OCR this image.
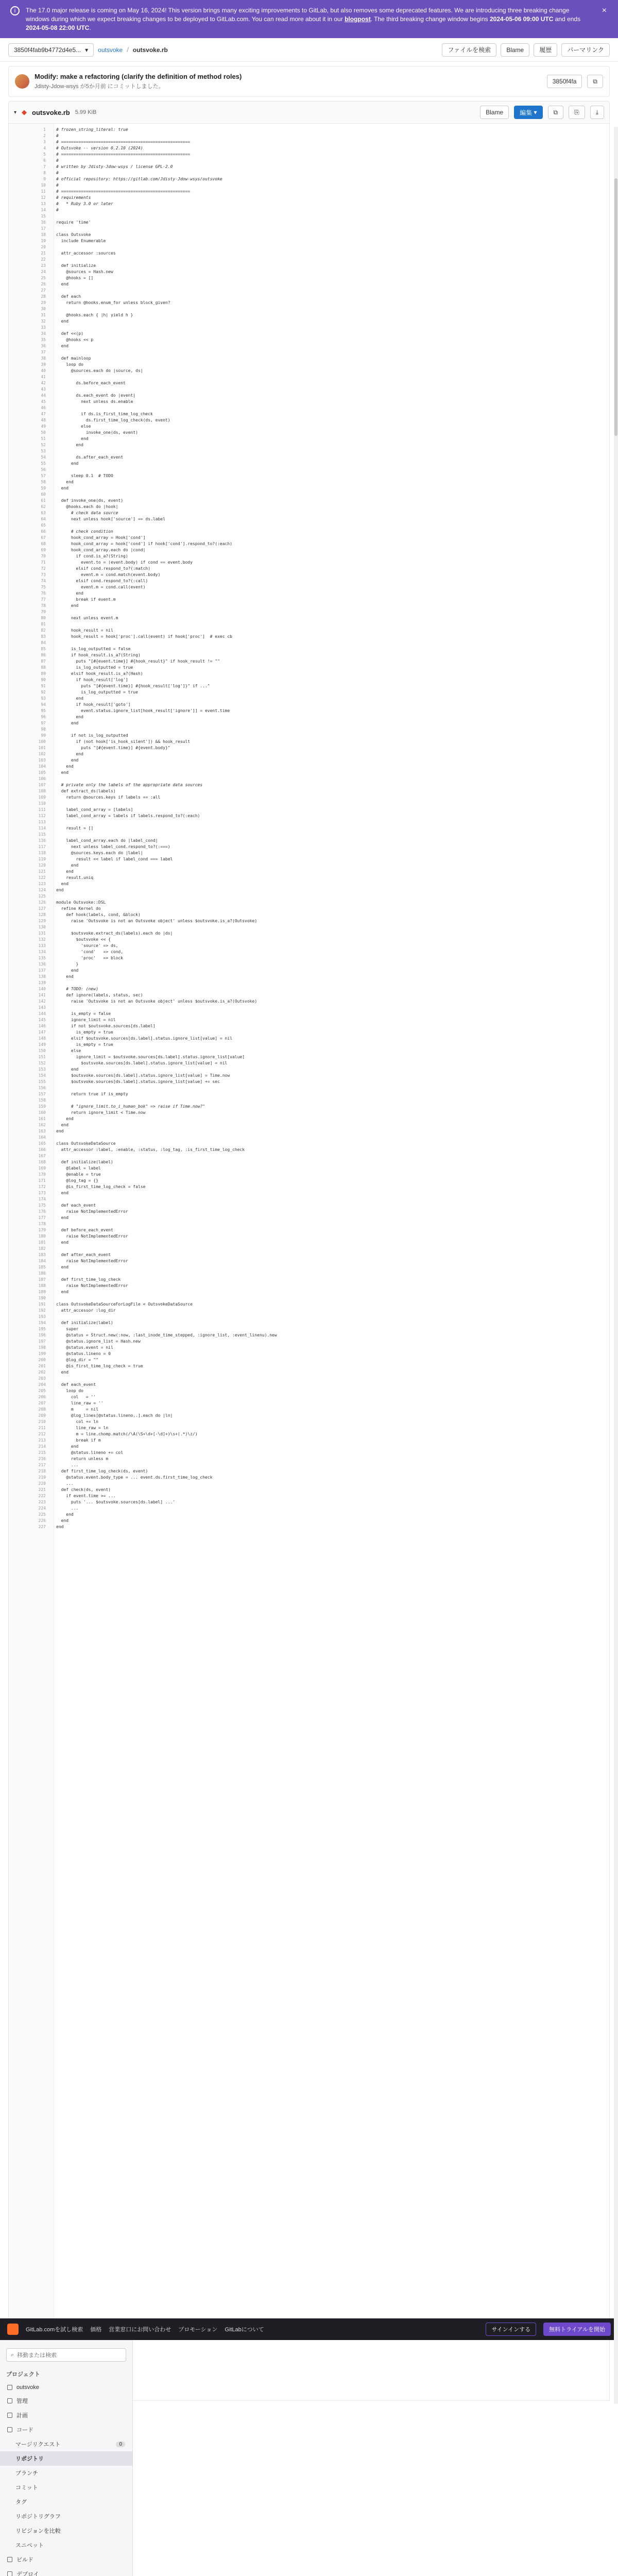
i	The 17.0 major release is coming on May 16, 2024! This version brings many exciting improvements to GitLab, but also removes some deprecated features. We are introducing three breaking change windows during which we expect breaking changes to be deployed to GitLab.com. You can read more about it in our blogpost. The third breaking change window begins 2024-05-06 09:00 UTC and ends 2024-05-08 22:00 UTC.

×
3850f4fab9b4772d4e5... ▾ outsvoke / outsvoke.rb	ファイルを検索	Blame	履歴	パーマリンク
Modify: make a refactoring (clarify the definition of method roles)
Jdisty-Jdow-wsys が5か月前 にコミットしました。
3850f4fa	⧉
▾ ◆ outsvoke.rb 5.99 KiB	Blame	編集 ▾	⧉	⎘	⤓
1	# frozen_string_literal: true
2	#
3	# ====================================================
4	# Outsvoke -- version 0.2.10 (2024)
5	# ====================================================
6	#
7	# written by Jdisty-Jdow-wsys / license GPL-2.0
8	#
9	# official repository: https://gitlab.com/Jdisty-Jdow-wsys/outsvoke
10	#
11	# ====================================================
12	# requirements
13	#   * Ruby 3.0 or later
14	#
15
16	require 'time'
17
18	class Outsvoke
19	include Enumerable
20
21	attr_accessor :sources
22
23	def initialize
24	@sources = Hash.new
25	@hooks = []
26	end
27
28	def each
29	return @hooks.enum_for unless block_given?
30
31	@hooks.each { |h| yield h }
32	end
33
34	def <<(p)
35	@hooks << p
36	end
37
38	def mainloop
39	loop do
40	@sources.each do |source, ds|
41
42	ds.before_each_event
43
44	ds.each_event do |event|
45	next unless ds.enable
46
47	if ds.is_first_time_log_check
48	ds.first_time_log_check(ds, event)
49	else
50	invoke_one(ds, event)
51	end
52	end
53
54	ds.after_each_event
55	end
56
57	sleep 0.1  # TODO
58	end
59	end
60
61	def invoke_one(ds, event)
62	@hooks.each do |hook|
63	# check data source
64	next unless hook['source'] == ds.label
65
66	# check condition
67	hook_cond_array = Hook['cond']
68	hook_cond_array = hook['cond'] if hook['cond'].respond_to?(:each)
69	hook_cond_array.each do |cond|
70	if cond.is_a?(String)
71	event.to = (event.body) if cond == event.body
72	elsif cond.respond_to?(:match)
73	event.m = cond.match(event.body)
74	elsif cond.respond_to?(:call)
75	event.m = cond.call(event)
76	end
77	break if event.m
78	end
79
80	next unless event.m
81
82	hook_result = nil
83	hook_result = hook['proc'].call(event) if hook['proc']  # exec cb
84
85	is_log_outputted = false
86	if hook_result.is_a?(String)
87	puts "[#{event.time}] #{hook_result}" if hook_result != ""
88	is_log_outputted = true
89	elsif hook_result.is_a?(Hash)
90	if hook_result['log']
91	puts "[#{event.time}] #{hook_result['log']}" if ..."
92	is_log_outputted = true
93	end
94	if hook_result['goto']
95	event.status.ignore_list[hook_result['ignore']] = event.time
96	end
97	end
98
99	if not is_log_outputted
100	if (not hook['is_hook_silent']) && hook_result
101	puts "[#{event.time}] #{event.body}"
102	end
103	end
104	end
105	end
106
107	# private only the labels of the appropriate data sources
108	def extract_ds(labels)
109	return @sources.keys if labels == :all
110
111	label_cond_array = [labels]
112	label_cond_array = labels if labels.respond_to?(:each)
113
114	result = []
115
116	label_cond_array.each do |label_cond|
117	next unless label_cond.respond_to?(:===)
118	@sources.keys.each do |label|
119	result << label if label_cond === label
120	end
121	end
122	result.uniq
123	end
124	end
125
126	module Outsvoke::DSL
127	refine Kernel do
128	def hook(labels, cond, &block)
129	raise 'Outsvoke is not an Outsvoke object' unless $outsvoke.is_a?(Outsvoke)
130
131	$outsvoke.extract_ds(labels).each do |ds|
132	$outsvoke << {
133	'source' => ds,
134	'cond'   => cond,
135	'proc'   => block
136	}
137	end
138	end
139
140	# TODO: (new)
141	def ignore(labels, status, sec)
142	raise 'Outsvoke is not an Outsvoke object' unless $outsvoke.is_a?(Outsvoke)
143
144	is_empty = false
145	ignore_limit = nil
146	if not $outsvoke.sources[ds.label]
147	is_empty = true
148	elsif $outsvoke.sources[ds.label].status.ignore_list[value] = nil
149	is_empty = true
150	else
151	ignore_limit = $outsvoke.sources[ds.label].status.ignore_list[value]
152	$outsvoke.sources[ds.label].status.ignore_list[value] = nil
153	end
154	$outsvoke.sources[ds.label].status.ignore_list[value] = Time.now
155	$outsvoke.sources[ds.label].status.ignore_list[value] += sec
156
157	return true if is_empty
158
159	# "ignore_limit.to_i_human_bok" => raise if Time.now?"
160	return ignore_limit < Time.now
161	end
162	end
163	end
164
165	class OutsvokeDataSource
166	attr_accessor :label, :enable, :status, :log_tag, :is_first_time_log_check
167
168	def initialize(label)
169	@label = label
170	@enable = true
171	@log_tag = {}
172	@is_first_time_log_check = false
173	end
174
175	def each_event
176	raise NotImplementedError
177	end
178
179	def before_each_event
180	raise NotImplementedError
181	end
182
183	def after_each_event
184	raise NotImplementedError
185	end
186
187	def first_time_log_check
188	raise NotImplementedError
189	end
190
191	class OutsvokeDataSourceForLogFile < OutsvokeDataSource
192	attr_accessor :log_dir
193
194	def initialize(label)
195	super
196	@status = Struct.new(:now, :last_inode_time_stepped, :ignore_list, :event_linenu).new
197	@status.ignore_list = Hash.new
198	@status.event = nil
199	@status.lineno = 0
200	@log_dir = ""
201	@is_first_time_log_check = true
202	end
203
204	def each_event
205	loop do
206	col   = ''
207	line_raw = ''
208	m     = nil
209	@log_lines[@status.lineno..].each do |ln|
210	col += ln
211	line_raw = ln
212	m = line.chomp.match(/\A(\S+\d+[-\d]+)\s+(.*)\z/)
213	break if m
214	end
215	@status.lineno += col
216	return unless m
217	...
218	def first_time_log_check(ds, event)
219	@status.event.body_type = ... event.ds.first_time_log_check
220	...
221	def check(ds, event)
222	if event.time >= ...
223	puts '... $outsvoke.sources[ds.label] ...'
224	...
225	end
226	end
227	end
GitLab.comを試し検索 価格 営業窓口にお問い合わせ プロモーション GitLabについて	サインインする	無料トライアルを開始
⌕ 移動または検索
プロジェクト
outsvoke
管理
計画
コード
マージリクエスト	0
リポジトリ
ブランチ
コミット
タグ
リポジトリグラフ
リビジョンを比較
スニペット
ビルド
デプロイ
